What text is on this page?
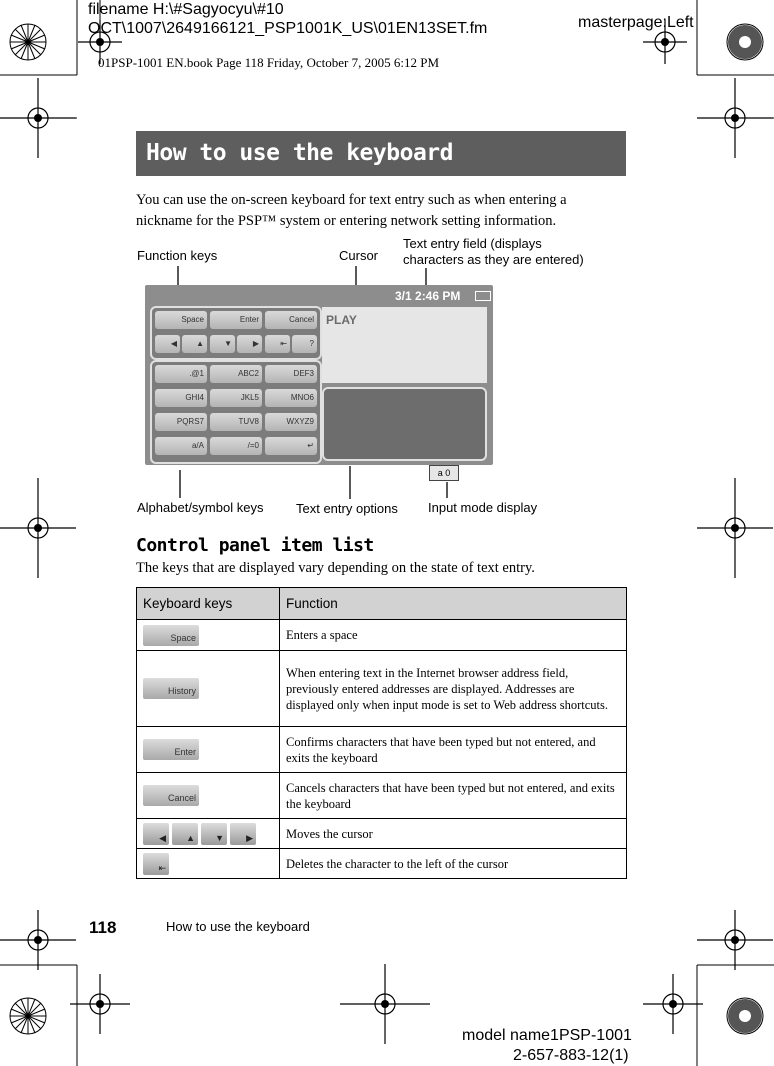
filename H:\#Sagyocyu\#10
OCT\1007\2649166121_PSP1001K_US\01EN13SET.fm	masterpage:Left
01PSP-1001 EN.book Page 118 Friday, October 7, 2005 6:12 PM
How to use the keyboard
You can use the on-screen keyboard for text entry such as when entering a nickname for the PSP™ system or entering network setting information.
Function keys	Cursor
Text entry field (displays characters as they are entered)
Alphabet/symbol keys	Text entry options Input mode display
3/1 2:46 PM
Space	Enter	Cancel
◀	▲	▼	▶	⇤	?
.@1	ABC2	DEF3
GHI4	JKL5	MNO6
PQRS7	TUV8	WXYZ9
a/A	/=0	↵
PLAY
a 0
Control panel item list
The keys that are displayed vary depending on the state of text entry.
Keyboard keys	Function
Space	Enters a space
History	When entering text in the Internet browser address field, previously entered addresses are displayed. Addresses are displayed only when input mode is set to Web address shortcuts.
Enter	Confirms characters that have been typed but not entered, and exits the keyboard
Cancel	Cancels characters that have been typed but not entered, and exits the keyboard
◀ ▲ ▼ ▶	Moves the cursor
⇤	Deletes the character to the left of the cursor
118	How to use the keyboard
model name1PSP-1001
2-657-883-12(1)
